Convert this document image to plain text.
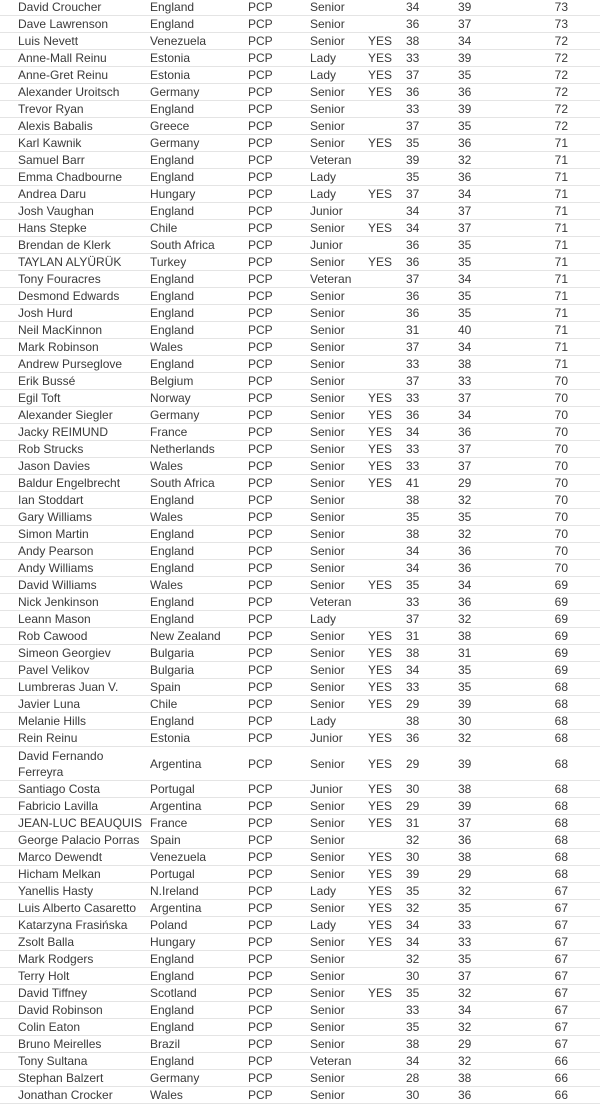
David Croucher	England	PCP	Senior		34	39	73
Dave Lawrenson	England	PCP	Senior		36	37	73
Luis Nevett	Venezuela	PCP	Senior	YES	38	34	72
Anne-Mall Reinu	Estonia	PCP	Lady	YES	33	39	72
Anne-Gret Reinu	Estonia	PCP	Lady	YES	37	35	72
Alexander Uroitsch	Germany	PCP	Senior	YES	36	36	72
Trevor Ryan	England	PCP	Senior		33	39	72
Alexis Babalis	Greece	PCP	Senior		37	35	72
Karl Kawnik	Germany	PCP	Senior	YES	35	36	71
Samuel Barr	England	PCP	Veteran		39	32	71
Emma Chadbourne	England	PCP	Lady		35	36	71
Andrea Daru	Hungary	PCP	Lady	YES	37	34	71
Josh Vaughan	England	PCP	Junior		34	37	71
Hans Stepke	Chile	PCP	Senior	YES	34	37	71
Brendan de Klerk	South Africa	PCP	Junior		36	35	71
TAYLAN ALYÜRÜK	Turkey	PCP	Senior	YES	36	35	71
Tony Fouracres	England	PCP	Veteran		37	34	71
Desmond Edwards	England	PCP	Senior		36	35	71
Josh Hurd	England	PCP	Senior		36	35	71
Neil MacKinnon	England	PCP	Senior		31	40	71
Mark Robinson	Wales	PCP	Senior		37	34	71
Andrew Purseglove	England	PCP	Senior		33	38	71
Erik Bussé	Belgium	PCP	Senior		37	33	70
Egil Toft	Norway	PCP	Senior	YES	33	37	70
Alexander Siegler	Germany	PCP	Senior	YES	36	34	70
Jacky REIMUND	France	PCP	Senior	YES	34	36	70
Rob Strucks	Netherlands	PCP	Senior	YES	33	37	70
Jason Davies	Wales	PCP	Senior	YES	33	37	70
Baldur Engelbrecht	South Africa	PCP	Senior	YES	41	29	70
Ian Stoddart	England	PCP	Senior		38	32	70
Gary Williams	Wales	PCP	Senior		35	35	70
Simon Martin	England	PCP	Senior		38	32	70
Andy Pearson	England	PCP	Senior		34	36	70
Andy Williams	England	PCP	Senior		34	36	70
David Williams	Wales	PCP	Senior	YES	35	34	69
Nick Jenkinson	England	PCP	Veteran		33	36	69
Leann Mason	England	PCP	Lady		37	32	69
Rob Cawood	New Zealand	PCP	Senior	YES	31	38	69
Simeon Georgiev	Bulgaria	PCP	Senior	YES	38	31	69
Pavel Velikov	Bulgaria	PCP	Senior	YES	34	35	69
Lumbreras Juan V.	Spain	PCP	Senior	YES	33	35	68
Javier Luna	Chile	PCP	Senior	YES	29	39	68
Melanie Hills	England	PCP	Lady		38	30	68
Rein Reinu	Estonia	PCP	Junior	YES	36	32	68
David Fernando Ferreyra	Argentina	PCP	Senior	YES	29	39	68
Santiago Costa	Portugal	PCP	Junior	YES	30	38	68
Fabricio Lavilla	Argentina	PCP	Senior	YES	29	39	68
JEAN-LUC BEAUQUIS	France	PCP	Senior	YES	31	37	68
George Palacio Porras	Spain	PCP	Senior		32	36	68
Marco Dewendt	Venezuela	PCP	Senior	YES	30	38	68
Hicham Melkan	Portugal	PCP	Senior	YES	39	29	68
Yanellis Hasty	N.Ireland	PCP	Lady	YES	35	32	67
Luis Alberto Casaretto	Argentina	PCP	Senior	YES	32	35	67
Katarzyna Frasińska	Poland	PCP	Lady	YES	34	33	67
Zsolt Balla	Hungary	PCP	Senior	YES	34	33	67
Mark Rodgers	England	PCP	Senior		32	35	67
Terry Holt	England	PCP	Senior		30	37	67
David Tiffney	Scotland	PCP	Senior	YES	35	32	67
David Robinson	England	PCP	Senior		33	34	67
Colin Eaton	England	PCP	Senior		35	32	67
Bruno Meirelles	Brazil	PCP	Senior		38	29	67
Tony Sultana	England	PCP	Veteran		34	32	66
Stephan Balzert	Germany	PCP	Senior		28	38	66
Jonathan Crocker	Wales	PCP	Senior		30	36	66
